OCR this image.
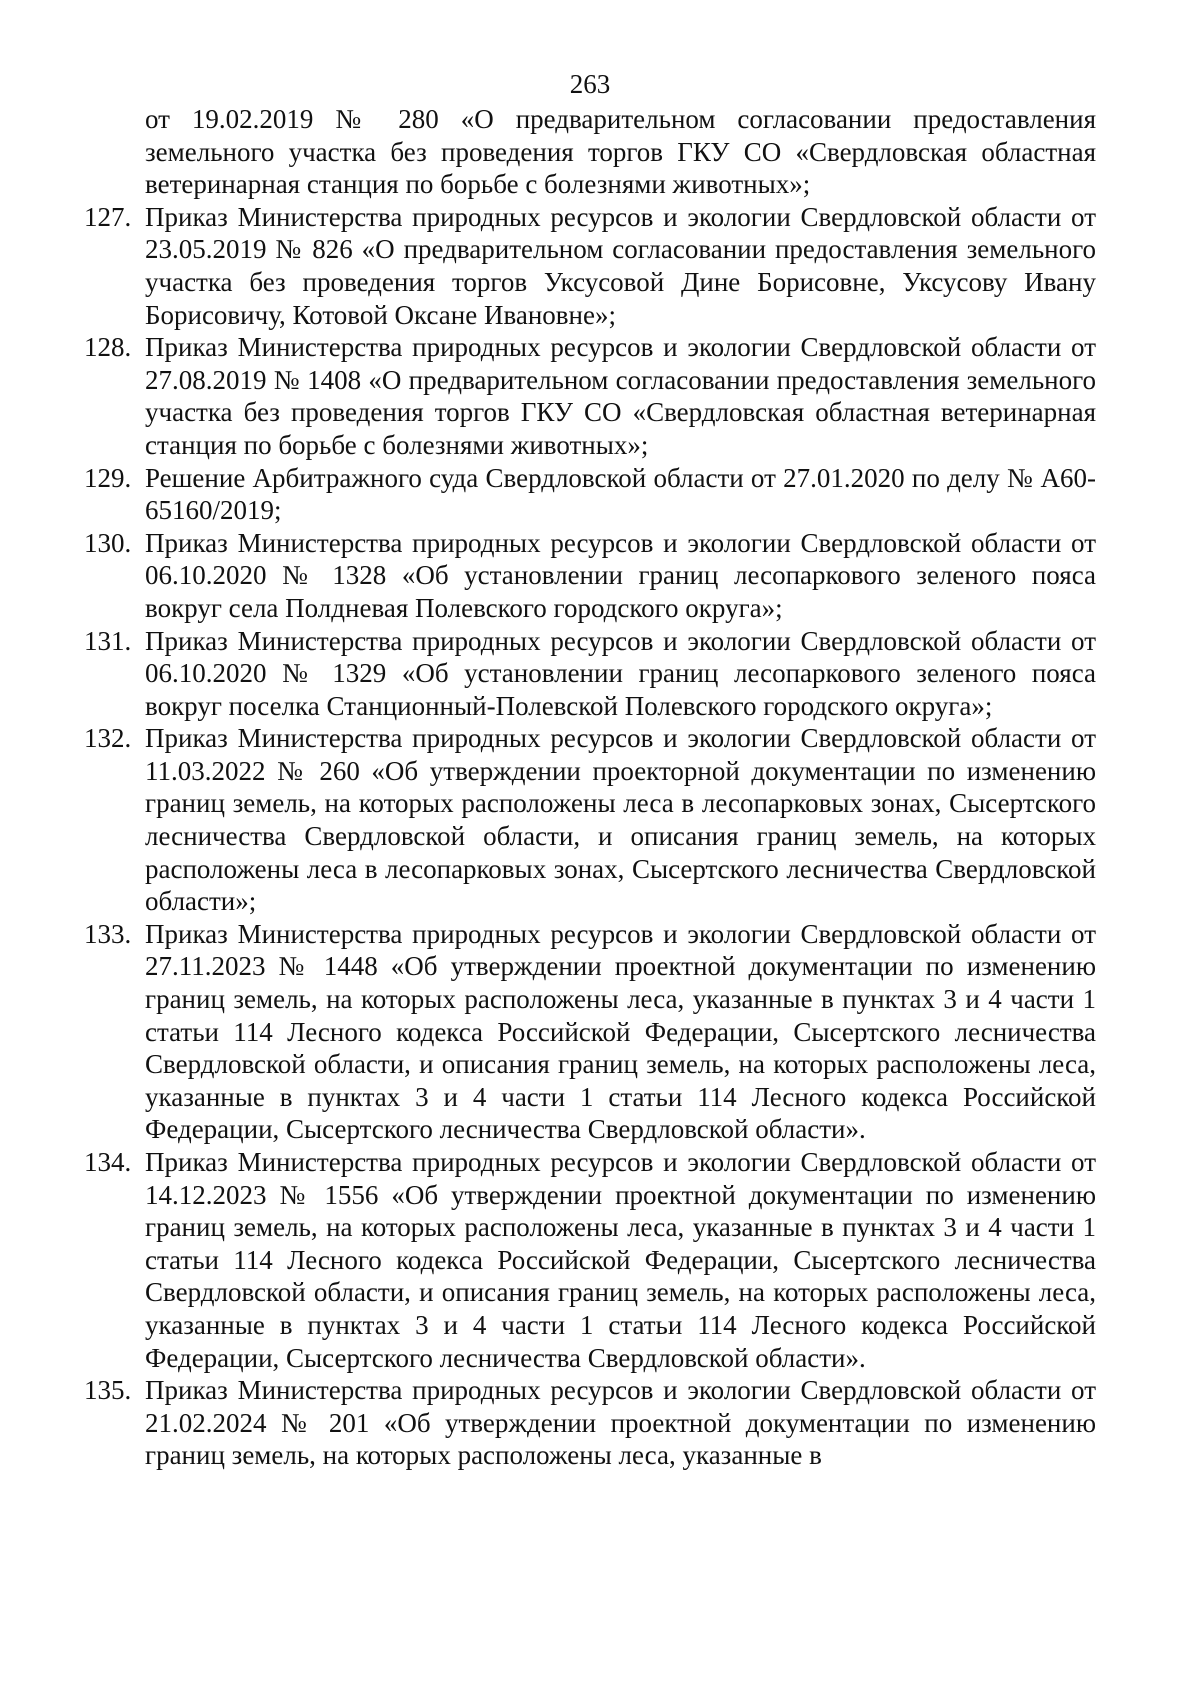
263
от 19.02.2019 № 280 «О предварительном согласовании предоставления земельного участка без проведения торгов ГКУ СО «Свердловская областная ветеринарная станция по борьбе с болезнями животных»;
127. Приказ Министерства природных ресурсов и экологии Свердловской области от 23.05.2019 № 826 «О предварительном согласовании предоставления земельного участка без проведения торгов Уксусовой Дине Борисовне, Уксусову Ивану Борисовичу, Котовой Оксане Ивановне»;
128. Приказ Министерства природных ресурсов и экологии Свердловской области от 27.08.2019 № 1408 «О предварительном согласовании предоставления земельного участка без проведения торгов ГКУ СО «Свердловская областная ветеринарная станция по борьбе с болезнями животных»;
129. Решение Арбитражного суда Свердловской области от 27.01.2020 по делу № А60-65160/2019;
130. Приказ Министерства природных ресурсов и экологии Свердловской области от 06.10.2020 № 1328 «Об установлении границ лесопаркового зеленого пояса вокруг села Полдневая Полевского городского округа»;
131. Приказ Министерства природных ресурсов и экологии Свердловской области от 06.10.2020 № 1329 «Об установлении границ лесопаркового зеленого пояса вокруг поселка Станционный-Полевской Полевского городского округа»;
132. Приказ Министерства природных ресурсов и экологии Свердловской области от 11.03.2022 № 260 «Об утверждении проекторной документации по изменению границ земель, на которых расположены леса в лесопарковых зонах, Сысертского лесничества Свердловской области, и описания границ земель, на которых расположены леса в лесопарковых зонах, Сысертского лесничества Свердловской области»;
133. Приказ Министерства природных ресурсов и экологии Свердловской области от 27.11.2023 № 1448 «Об утверждении проектной документации по изменению границ земель, на которых расположены леса, указанные в пунктах 3 и 4 части 1 статьи 114 Лесного кодекса Российской Федерации, Сысертского лесничества Свердловской области, и описания границ земель, на которых расположены леса, указанные в пунктах 3 и 4 части 1 статьи 114 Лесного кодекса Российской Федерации, Сысертского лесничества Свердловской области».
134. Приказ Министерства природных ресурсов и экологии Свердловской области от 14.12.2023 № 1556 «Об утверждении проектной документации по изменению границ земель, на которых расположены леса, указанные в пунктах 3 и 4 части 1 статьи 114 Лесного кодекса Российской Федерации, Сысертского лесничества Свердловской области, и описания границ земель, на которых расположены леса, указанные в пунктах 3 и 4 части 1 статьи 114 Лесного кодекса Российской Федерации, Сысертского лесничества Свердловской области».
135. Приказ Министерства природных ресурсов и экологии Свердловской области от 21.02.2024 № 201 «Об утверждении проектной документации по изменению границ земель, на которых расположены леса, указанные в
